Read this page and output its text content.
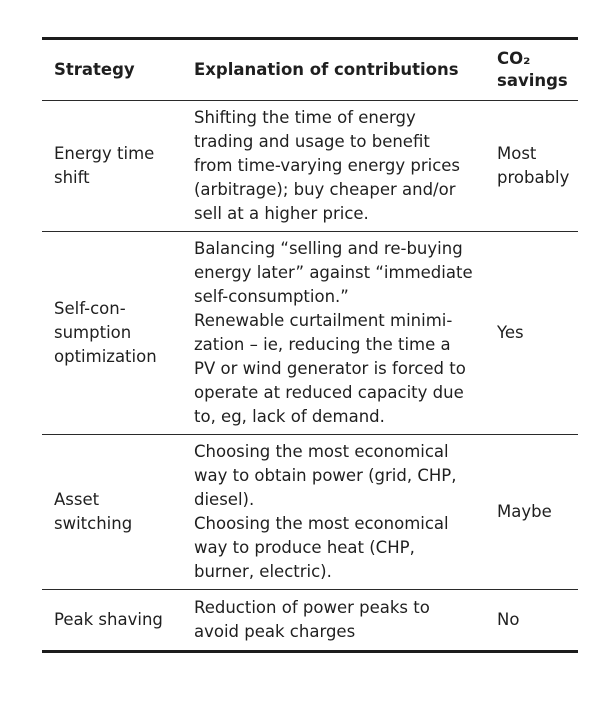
Strategy	Explanation of contributions
CO₂
savings
Energy time
shift
Shifting the time of energy
trading and usage to benefit
from time-varying energy prices
(arbitrage); buy cheaper and/or
sell at a higher price.
Most
probably
Self-con-
sumption
optimization
Balancing “selling and re-buying
energy later” against “immediate
self-consumption.”
Renewable curtailment minimi-
zation – ie, reducing the time a
PV or wind generator is forced to
operate at reduced capacity due
to, eg, lack of demand.
Yes
Asset
switching
Choosing the most economical
way to obtain power (grid, CHP,
diesel).
Choosing the most economical
way to produce heat (CHP,
burner, electric).
Maybe
Peak shaving
Reduction of power peaks to
avoid peak charges
No
